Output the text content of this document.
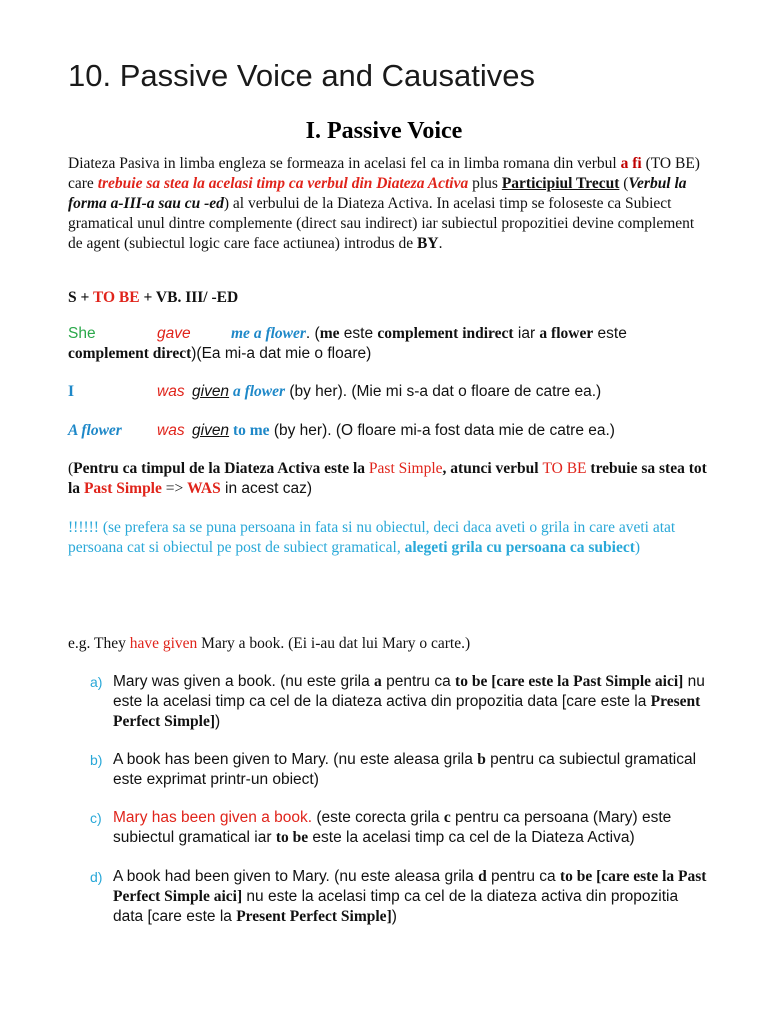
10. Passive Voice and Causatives
I. Passive Voice
Diateza Pasiva in limba engleza se formeaza in acelasi fel ca in limba romana din verbul a fi (TO BE) care trebuie sa stea la acelasi timp ca verbul din Diateza Activa plus Participiul Trecut (Verbul la forma a-III-a sau cu -ed) al verbului de la Diateza Activa. In acelasi timp se foloseste ca Subiect gramatical unul dintre complemente (direct sau indirect) iar subiectul propozitiei devine complement de agent (subiectul logic care face actiunea) introdus de BY.
S + TO BE + VB. III/ -ED
She	gave	me a flower. (me este complement indirect iar a flower este complement direct)(Ea mi-a dat mie o floare)
I	was given a flower (by her). (Mie mi s-a dat o floare de catre ea.)
A flower was given to me (by her). (O floare mi-a fost data mie de catre ea.)
(Pentru ca timpul de la Diateza Activa este la Past Simple, atunci verbul TO BE trebuie sa stea tot la Past Simple => WAS in acest caz)
!!!!!! (se prefera sa se puna persoana in fata si nu obiectul, deci daca aveti o grila in care aveti atat persoana cat si obiectul pe post de subiect gramatical, alegeti grila cu persoana ca subiect)
e.g. They have given Mary a book. (Ei i-au dat lui Mary o carte.)
a) Mary was given a book. (nu este grila a pentru ca to be [care este la Past Simple aici] nu este la acelasi timp ca cel de la diateza activa din propozitia data [care este la Present Perfect Simple])
b) A book has been given to Mary. (nu este aleasa grila b pentru ca subiectul gramatical este exprimat printr-un obiect)
c) Mary has been given a book. (este corecta grila c pentru ca persoana (Mary) este subiectul gramatical iar to be este la acelasi timp ca cel de la Diateza Activa)
d) A book had been given to Mary. (nu este aleasa grila d pentru ca to be [care este la Past Perfect Simple aici] nu este la acelasi timp ca cel de la diateza activa din propozitia data [care este la Present Perfect Simple])
